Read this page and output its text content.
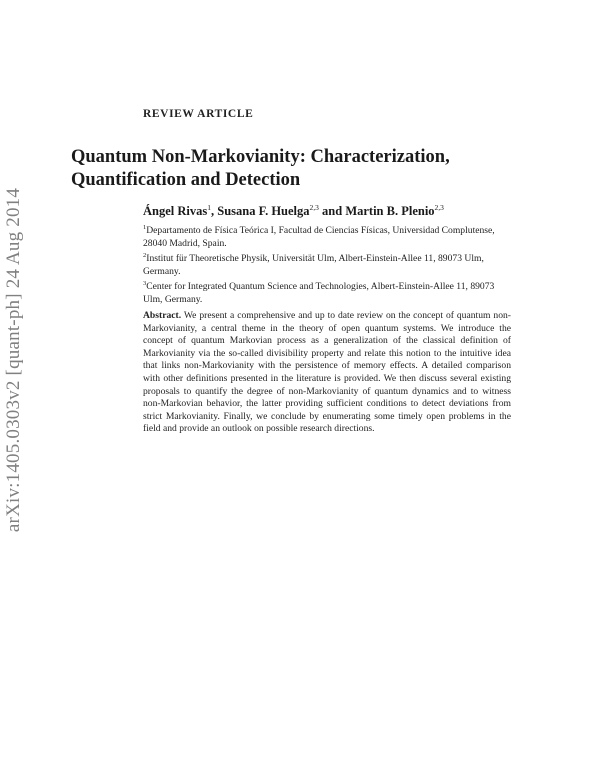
arXiv:1405.0303v2 [quant-ph] 24 Aug 2014
REVIEW ARTICLE
Quantum Non-Markovianity: Characterization,
Quantification and Detection
Ángel Rivas$^1$, Susana F. Huelga$^{2,3}$ and Martin B. Plenio$^{2,3}$
$^1$Departamento de Física Teórica I, Facultad de Ciencias Físicas, Universidad Complutense, 28040 Madrid, Spain.
$^2$Institut für Theoretische Physik, Universität Ulm, Albert-Einstein-Allee 11, 89073 Ulm, Germany.
$^3$Center for Integrated Quantum Science and Technologies, Albert-Einstein-Allee 11, 89073 Ulm, Germany.
Abstract. We present a comprehensive and up to date review on the concept of quantum non-Markovianity, a central theme in the theory of open quantum systems. We introduce the concept of quantum Markovian process as a generalization of the classical definition of Markovianity via the so-called divisibility property and relate this notion to the intuitive idea that links non-Markovianity with the persistence of memory effects. A detailed comparison with other definitions presented in the literature is provided. We then discuss several existing proposals to quantify the degree of non-Markovianity of quantum dynamics and to witness non-Markovian behavior, the latter providing sufficient conditions to detect deviations from strict Markovianity. Finally, we conclude by enumerating some timely open problems in the field and provide an outlook on possible research directions.
